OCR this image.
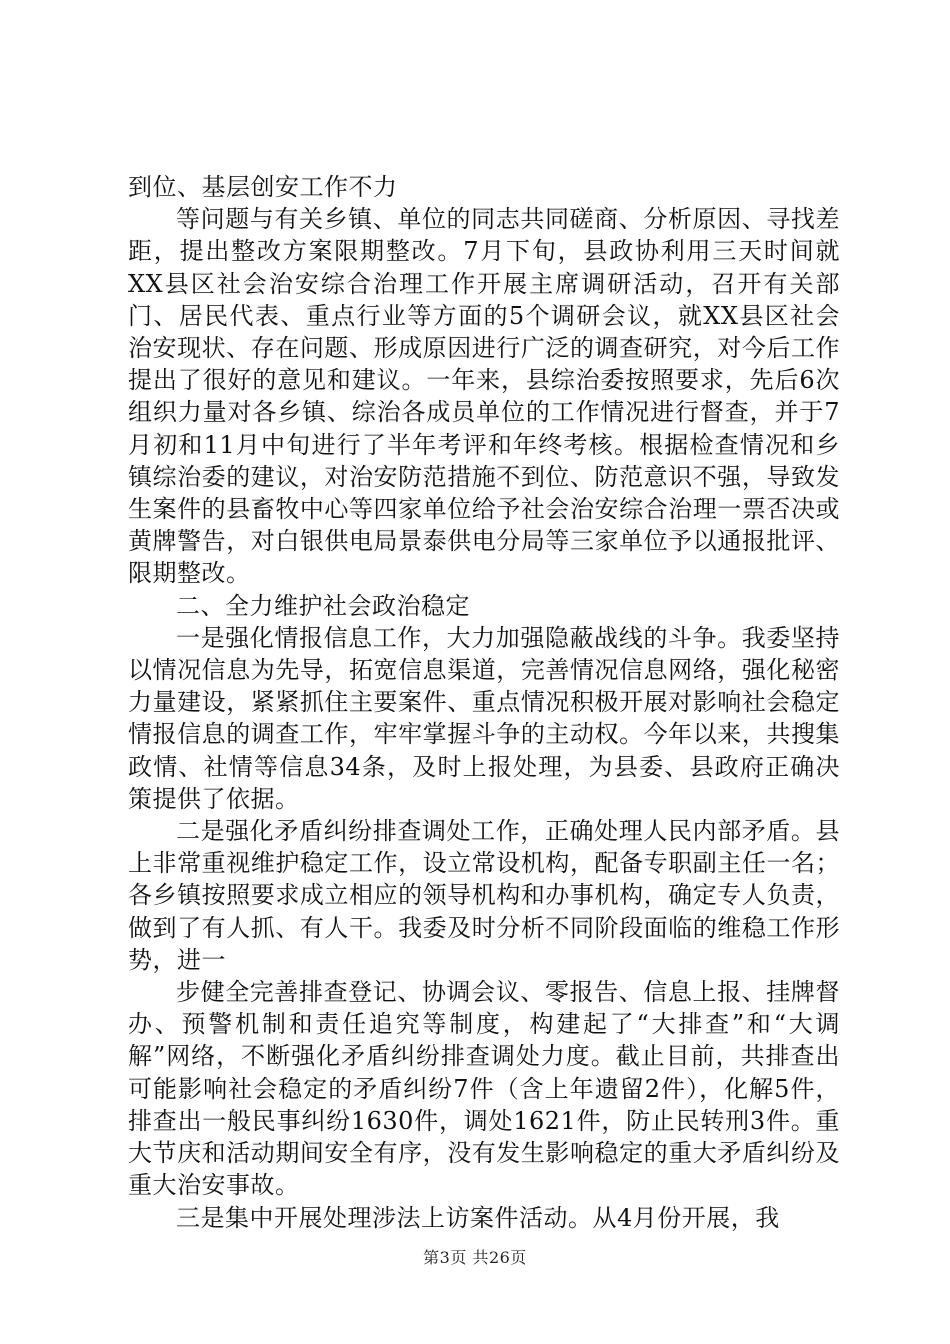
到位、基层创安工作不力

等问题与有关乡镇、单位的同志共同磋商、分析原因、寻找差距，提出整改方案限期整改。7月下旬，县政协利用三天时间就XX县区社会治安综合治理工作开展主席调研活动，召开有关部门、居民代表、重点行业等方面的5个调研会议，就XX县区社会治安现状、存在问题、形成原因进行广泛的调查研究，对今后工作提出了很好的意见和建议。一年来，县综治委按照要求，先后6次组织力量对各乡镇、综治各成员单位的工作情况进行督查，并于7月初和11月中旬进行了半年考评和年终考核。根据检查情况和乡镇综治委的建议，对治安防范措施不到位、防范意识不强，导致发生案件的县畜牧中心等四家单位给予社会治安综合治理一票否决或黄牌警告，对白银供电局景泰供电分局等三家单位予以通报批评、限期整改。

二、全力维护社会政治稳定

一是强化情报信息工作，大力加强隐蔽战线的斗争。我委坚持以情况信息为先导，拓宽信息渠道，完善情况信息网络，强化秘密力量建设，紧紧抓住主要案件、重点情况积极开展对影响社会稳定情报信息的调查工作，牢牢掌握斗争的主动权。今年以来，共搜集政情、社情等信息34条，及时上报处理，为县委、县政府正确决策提供了依据。

二是强化矛盾纠纷排查调处工作，正确处理人民内部矛盾。县上非常重视维护稳定工作，设立常设机构，配备专职副主任一名；各乡镇按照要求成立相应的领导机构和办事机构，确定专人负责，做到了有人抓、有人干。我委及时分析不同阶段面临的维稳工作形势，进一

步健全完善排查登记、协调会议、零报告、信息上报、挂牌督办、预警机制和责任追究等制度，构建起了“大排查”和“大调解”网络，不断强化矛盾纠纷排查调处力度。截止目前，共排查出可能影响社会稳定的矛盾纠纷7件（含上年遗留2件），化解5件，排查出一般民事纠纷1630件，调处1621件，防止民转刑3件。重大节庆和活动期间安全有序，没有发生影响稳定的重大矛盾纠纷及重大治安事故。

三是集中开展处理涉法上访案件活动。从4月份开展，我

第3页 共26页
